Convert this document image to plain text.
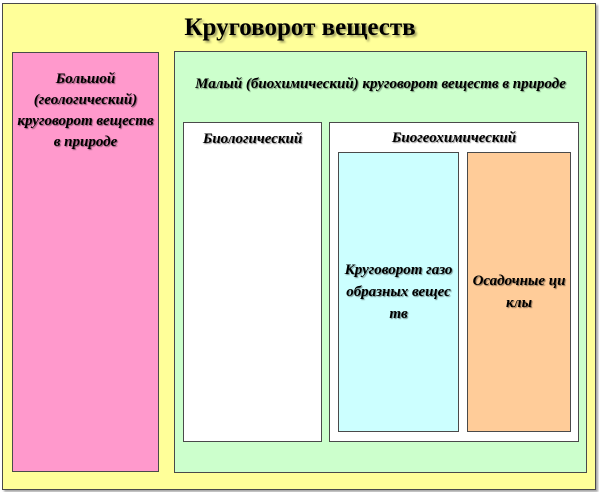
Круговорот веществ
Большой (геологический) круговорот веществ в природе
Малый (биохимический) круговорот веществ в природе
Биологический	Биогеохимический
Круговорот газообразных веществ
Осадочные циклы
